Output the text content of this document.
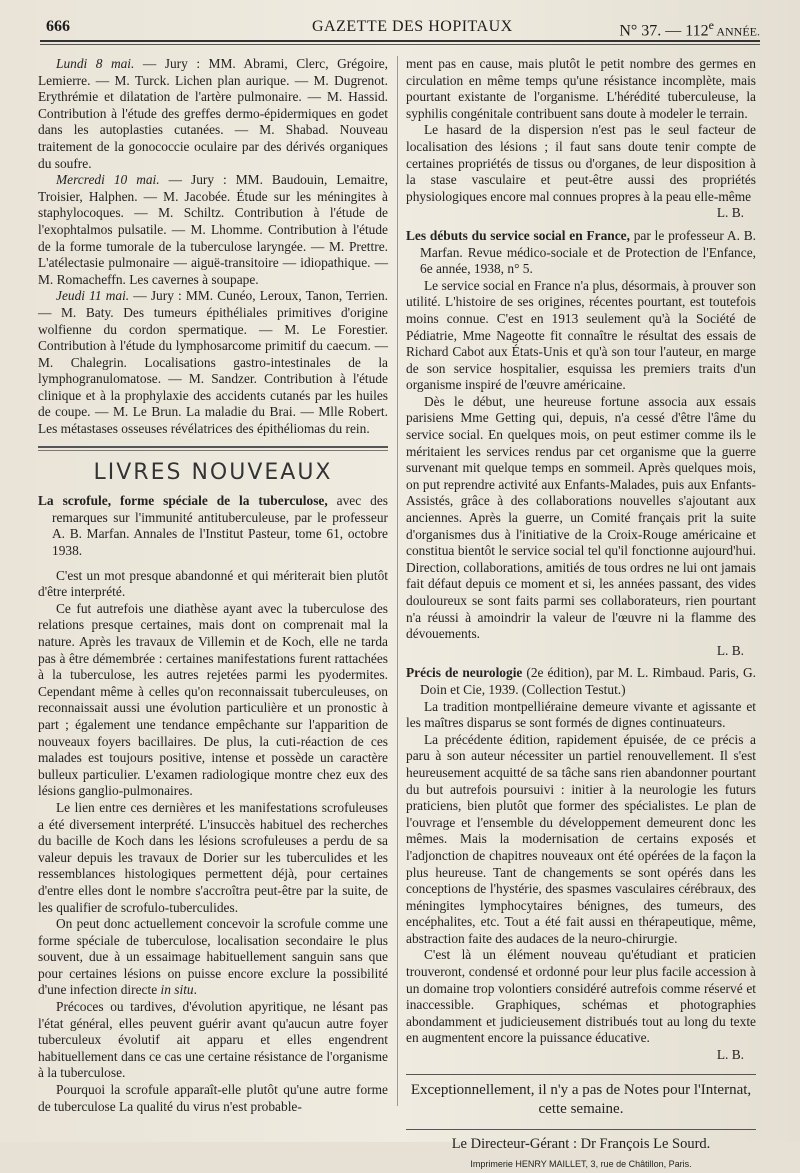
666	GAZETTE DES HOPITAUX	N° 37. — 112e ANNÉE.

Lundi 8 mai. — Jury : MM. Abrami, Clerc, Grégoire, Lemierre. — M. Turck. Lichen plan aurique. — M. Dugrenot. Erythrémie et dilatation de l'artère pulmonaire. — M. Hassid. Contribution à l'étude des greffes dermo-épidermiques en godet dans les autoplasties cutanées. — M. Shabad. Nouveau traitement de la gonococcie oculaire par des dérivés organiques du soufre.

Mercredi 10 mai. — Jury : MM. Baudouin, Lemaitre, Troisier, Halphen. — M. Jacobée. Étude sur les méningites à staphylocoques. — M. Schiltz. Contribution à l'étude de l'exophtalmos pulsatile. — M. Lhomme. Contribution à l'étude de la forme tumorale de la tuberculose laryngée. — M. Prettre. L'atélectasie pulmonaire — aiguë-transitoire — idiopathique. — M. Romacheffn. Les cavernes à soupape.

Jeudi 11 mai. — Jury : MM. Cunéo, Leroux, Tanon, Terrien. — M. Baty. Des tumeurs épithéliales primitives d'origine wolfienne du cordon spermatique. — M. Le Forestier. Contribution à l'étude du lymphosarcome primitif du caecum. — M. Chalegrin. Localisations gastro-intestinales de la lymphogranulomatose. — M. Sandzer. Contribution à l'étude clinique et à la prophylaxie des accidents cutanés par les huiles de coupe. — M. Le Brun. La maladie du Brai. — Mlle Robert. Les métastases osseuses révélatrices des épithéliomas du rein.

LIVRES NOUVEAUX

La scrofule, forme spéciale de la tuberculose, avec des remarques sur l'immunité antituberculeuse, par le professeur A. B. Marfan. Annales de l'Institut Pasteur, tome 61, octobre 1938.

C'est un mot presque abandonné et qui mériterait bien plutôt d'être interprété.

Ce fut autrefois une diathèse ayant avec la tuberculose des relations presque certaines, mais dont on comprenait mal la nature. Après les travaux de Villemin et de Koch, elle ne tarda pas à être démembrée : certaines manifestations furent rattachées à la tuberculose, les autres rejetées parmi les pyodermites. Cependant même à celles qu'on reconnaissait tuberculeuses, on reconnaissait aussi une évolution particulière et un pronostic à part ; également une tendance empêchante sur l'apparition de nouveaux foyers bacillaires. De plus, la cuti-réaction de ces malades est toujours positive, intense et possède un caractère bulleux particulier. L'examen radiologique montre chez eux des lésions ganglio-pulmonaires.

Le lien entre ces dernières et les manifestations scrofuleuses a été diversement interprété. L'insuccès habituel des recherches du bacille de Koch dans les lésions scrofuleuses a perdu de sa valeur depuis les travaux de Dorier sur les tuberculides et les ressemblances histologiques permettent déjà, pour certaines d'entre elles dont le nombre s'accroîtra peut-être par la suite, de les qualifier de scrofulo-tuberculides.

On peut donc actuellement concevoir la scrofule comme une forme spéciale de tuberculose, localisation secondaire le plus souvent, due à un essaimage habituellement sanguin sans que pour certaines lésions on puisse encore exclure la possibilité d'une infection directe in situ.

Précoces ou tardives, d'évolution apyritique, ne lésant pas l'état général, elles peuvent guérir avant qu'aucun autre foyer tuberculeux évolutif ait apparu et elles engendrent habituellement dans ce cas une certaine résistance de l'organisme à la tuberculose.

Pourquoi la scrofule apparaît-elle plutôt qu'une autre forme de tuberculose La qualité du virus n'est probable-

ment pas en cause, mais plutôt le petit nombre des germes en circulation en même temps qu'une résistance incomplète, mais pourtant existante de l'organisme. L'hérédité tuberculeuse, la syphilis congénitale contribuent sans doute à modeler le terrain.

Le hasard de la dispersion n'est pas le seul facteur de localisation des lésions ; il faut sans doute tenir compte de certaines propriétés de tissus ou d'organes, de leur disposition à la stase vasculaire et peut-être aussi des propriétés physiologiques encore mal connues propres à la peau elle-même

L. B.

Les débuts du service social en France, par le professeur A. B. Marfan. Revue médico-sociale et de Protection de l'Enfance, 6e année, 1938, n° 5.

Le service social en France n'a plus, désormais, à prouver son utilité. L'histoire de ses origines, récentes pourtant, est toutefois moins connue. C'est en 1913 seulement qu'à la Société de Pédiatrie, Mme Nageotte fit connaître le résultat des essais de Richard Cabot aux États-Unis et qu'à son tour l'auteur, en marge de son service hospitalier, esquissa les premiers traits d'un organisme inspiré de l'œuvre américaine.

Dès le début, une heureuse fortune associa aux essais parisiens Mme Getting qui, depuis, n'a cessé d'être l'âme du service social. En quelques mois, on peut estimer comme ils le méritaient les services rendus par cet organisme que la guerre survenant mit quelque temps en sommeil. Après quelques mois, on put reprendre activité aux Enfants-Malades, puis aux Enfants-Assistés, grâce à des collaborations nouvelles s'ajoutant aux anciennes. Après la guerre, un Comité français prit la suite d'organismes dus à l'initiative de la Croix-Rouge américaine et constitua bientôt le service social tel qu'il fonctionne aujourd'hui. Direction, collaborations, amitiés de tous ordres ne lui ont jamais fait défaut depuis ce moment et si, les années passant, des vides douloureux se sont faits parmi ses collaborateurs, rien pourtant n'a réussi à amoindrir la valeur de l'œuvre ni la flamme des dévouements.

L. B.

Précis de neurologie (2e édition), par M. L. Rimbaud. Paris, G. Doin et Cie, 1939. (Collection Testut.)

La tradition montpelliéraine demeure vivante et agissante et les maîtres disparus se sont formés de dignes continuateurs.

La précédente édition, rapidement épuisée, de ce précis a paru à son auteur nécessiter un partiel renouvellement. Il s'est heureusement acquitté de sa tâche sans rien abandonner pourtant du but autrefois poursuivi : initier à la neurologie les futurs praticiens, bien plutôt que former des spécialistes. Le plan de l'ouvrage et l'ensemble du développement demeurent donc les mêmes. Mais la modernisation de certains exposés et l'adjonction de chapitres nouveaux ont été opérées de la façon la plus heureuse. Tant de changements se sont opérés dans les conceptions de l'hystérie, des spasmes vasculaires cérébraux, des méningites lymphocytaires bénignes, des tumeurs, des encéphalites, etc. Tout a été fait aussi en thérapeutique, même, abstraction faite des audaces de la neuro-chirurgie.

C'est là un élément nouveau qu'étudiant et praticien trouveront, condensé et ordonné pour leur plus facile accession à un domaine trop volontiers considéré autrefois comme réservé et inaccessible. Graphiques, schémas et photographies abondamment et judicieusement distribués tout au long du texte en augmentent encore la puissance éducative.

L. B.

Exceptionnellement, il n'y a pas de Notes pour l'Internat, cette semaine.

Le Directeur-Gérant : Dr François Le Sourd.

Imprimerie HENRY MAILLET, 3, rue de Châtillon, Paris.
